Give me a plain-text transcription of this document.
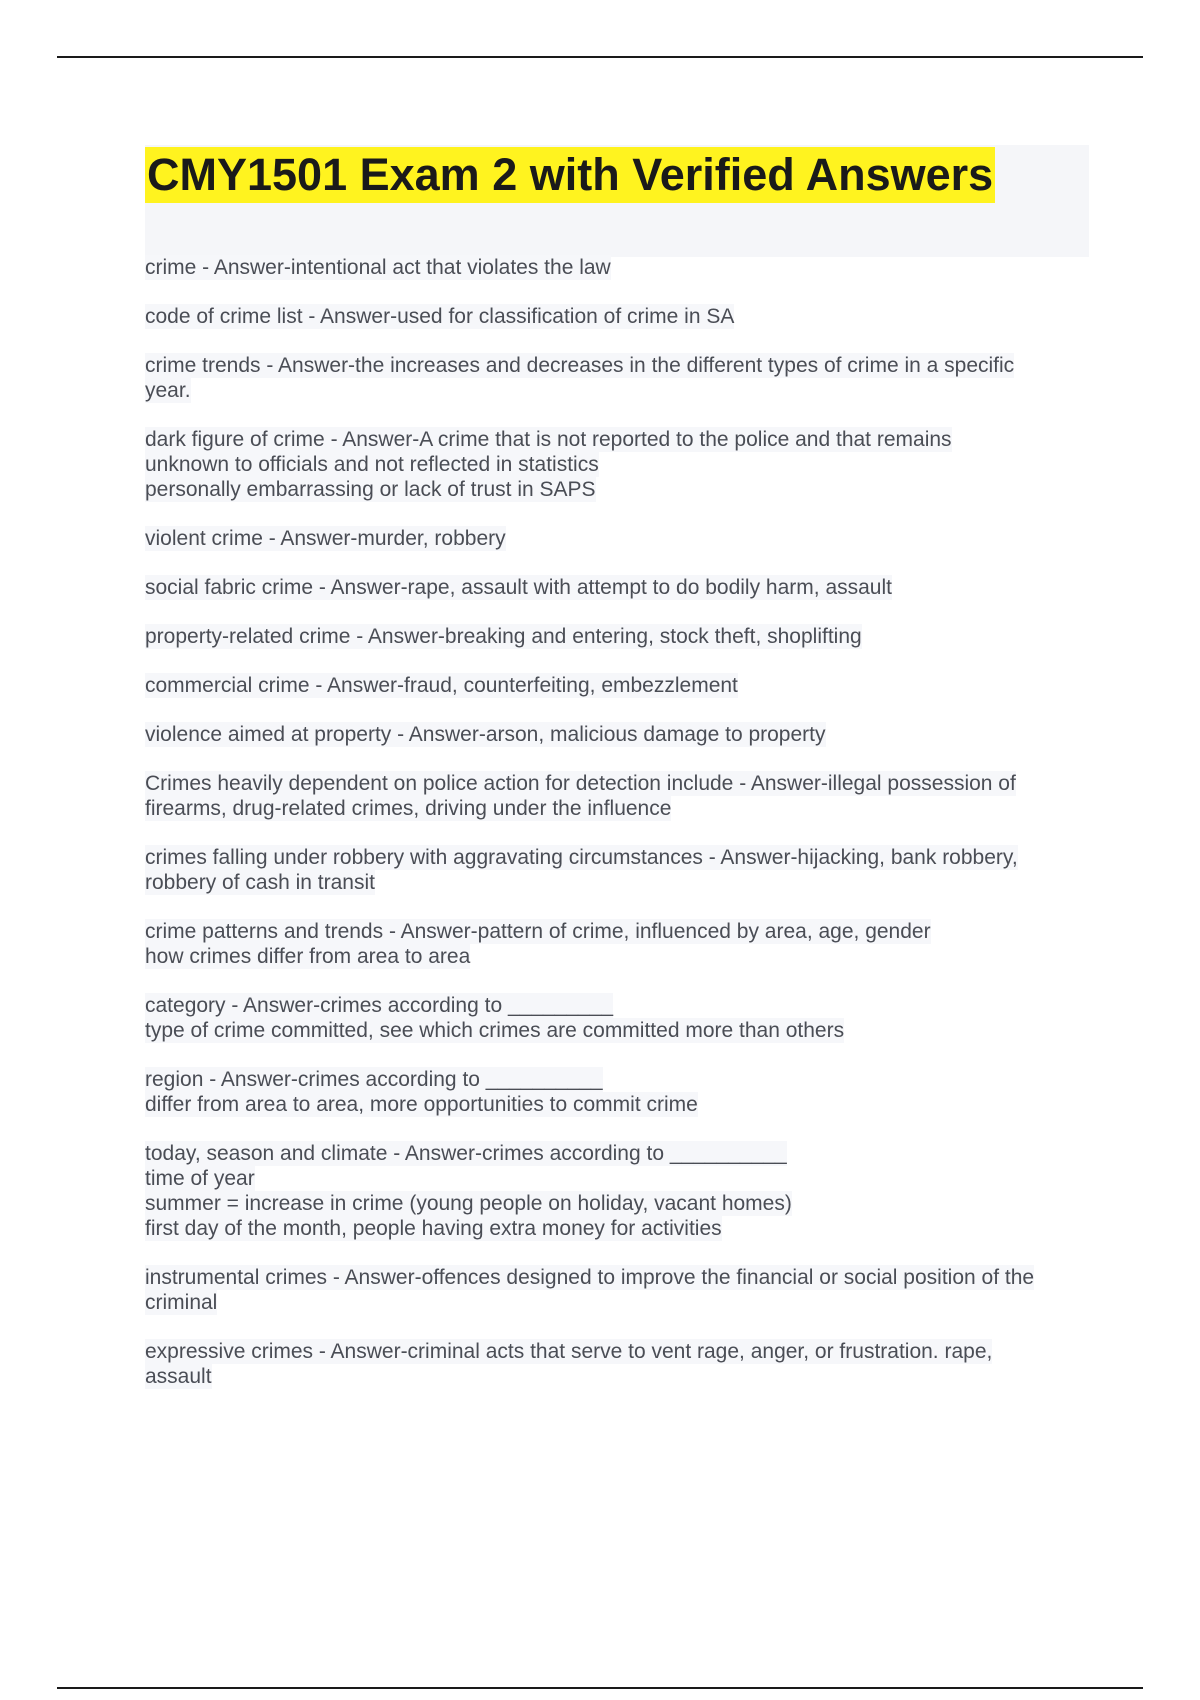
CMY1501 Exam 2 with Verified Answers
crime - Answer-intentional act that violates the law
code of crime list - Answer-used for classification of crime in SA
crime trends - Answer-the increases and decreases in the different types of crime in a specific
year.
dark figure of crime - Answer-A crime that is not reported to the police and that remains
unknown to officials and not reflected in statistics
personally embarrassing or lack of trust in SAPS
violent crime - Answer-murder, robbery
social fabric crime - Answer-rape, assault with attempt to do bodily harm, assault
property-related crime - Answer-breaking and entering, stock theft, shoplifting
commercial crime - Answer-fraud, counterfeiting, embezzlement
violence aimed at property - Answer-arson, malicious damage to property
Crimes heavily dependent on police action for detection include - Answer-illegal possession of
firearms, drug-related crimes, driving under the influence
crimes falling under robbery with aggravating circumstances - Answer-hijacking, bank robbery,
robbery of cash in transit
crime patterns and trends - Answer-pattern of crime, influenced by area, age, gender
how crimes differ from area to area
category - Answer-crimes according to _________
type of crime committed, see which crimes are committed more than others
region - Answer-crimes according to __________
differ from area to area, more opportunities to commit crime
today, season and climate - Answer-crimes according to __________
time of year
summer = increase in crime (young people on holiday, vacant homes)
first day of the month, people having extra money for activities
instrumental crimes - Answer-offences designed to improve the financial or social position of the
criminal
expressive crimes - Answer-criminal acts that serve to vent rage, anger, or frustration. rape,
assault
